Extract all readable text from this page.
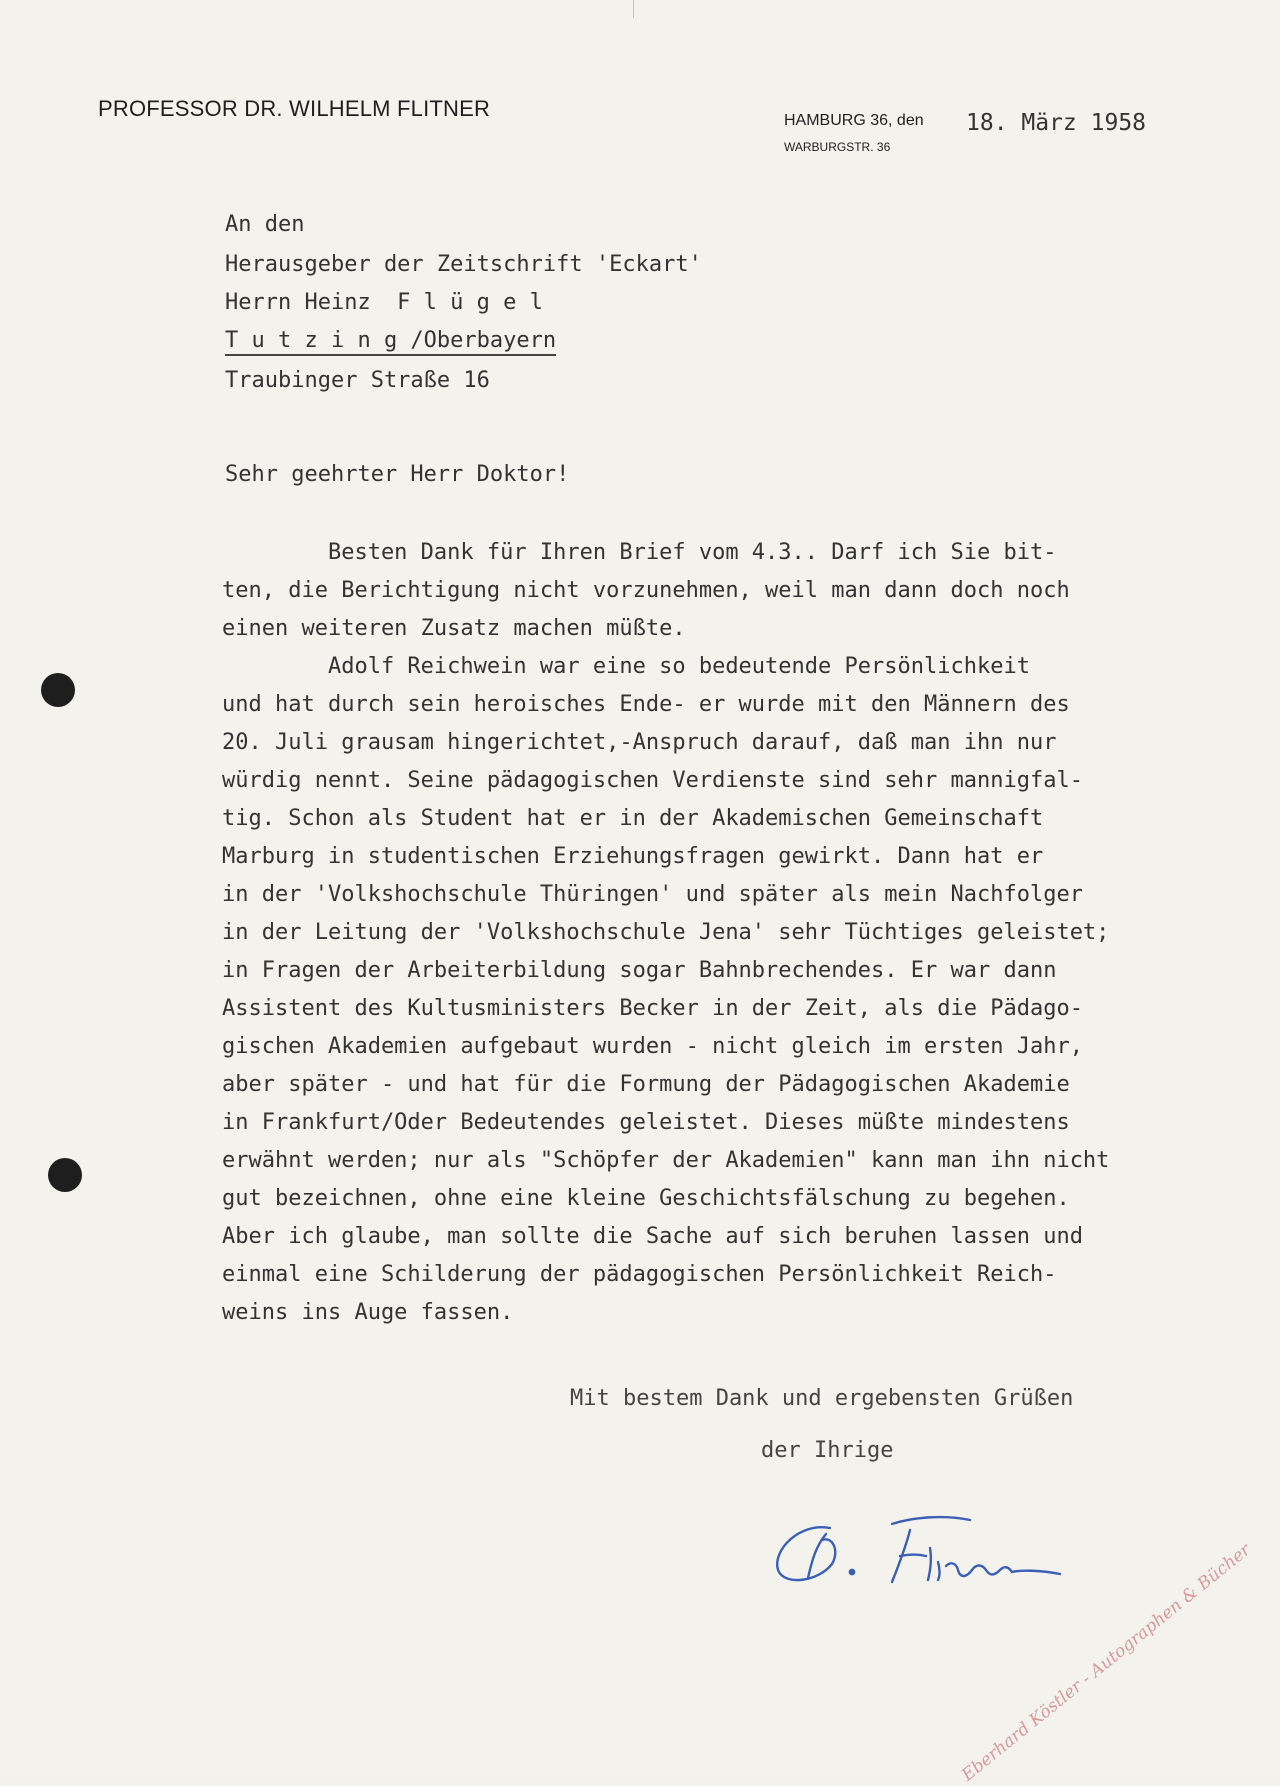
PROFESSOR DR. WILHELM FLITNER	HAMBURG 36, den
WARBURGSTR. 36
18. März 1958
An den
Herausgeber der Zeitschrift 'Eckart'
Herrn Heinz  F l ü g e l
T u t z i n g /Oberbayern
Traubinger Straße 16
Sehr geehrter Herr Doktor!
Besten Dank für Ihren Brief vom 4.3.. Darf ich Sie bit-
ten, die Berichtigung nicht vorzunehmen, weil man dann doch noch
einen weiteren Zusatz machen müßte.
Adolf Reichwein war eine so bedeutende Persönlichkeit
und hat durch sein heroisches Ende- er wurde mit den Männern des
20. Juli grausam hingerichtet,-Anspruch darauf, daß man ihn nur
würdig nennt. Seine pädagogischen Verdienste sind sehr mannigfal-
tig. Schon als Student hat er in der Akademischen Gemeinschaft
Marburg in studentischen Erziehungsfragen gewirkt. Dann hat er
in der 'Volkshochschule Thüringen' und später als mein Nachfolger
in der Leitung der 'Volkshochschule Jena' sehr Tüchtiges geleistet;
in Fragen der Arbeiterbildung sogar Bahnbrechendes. Er war dann
Assistent des Kultusministers Becker in der Zeit, als die Pädago-
gischen Akademien aufgebaut wurden - nicht gleich im ersten Jahr,
aber später - und hat für die Formung der Pädagogischen Akademie
in Frankfurt/Oder Bedeutendes geleistet. Dieses müßte mindestens
erwähnt werden; nur als "Schöpfer der Akademien" kann man ihn nicht
gut bezeichnen, ohne eine kleine Geschichtsfälschung zu begehen.
Aber ich glaube, man sollte die Sache auf sich beruhen lassen und
einmal eine Schilderung der pädagogischen Persönlichkeit Reich-
weins ins Auge fassen.
Mit bestem Dank und ergebensten Grüßen
der Ihrige
Eberhard Köstler - Autographen & Bücher
